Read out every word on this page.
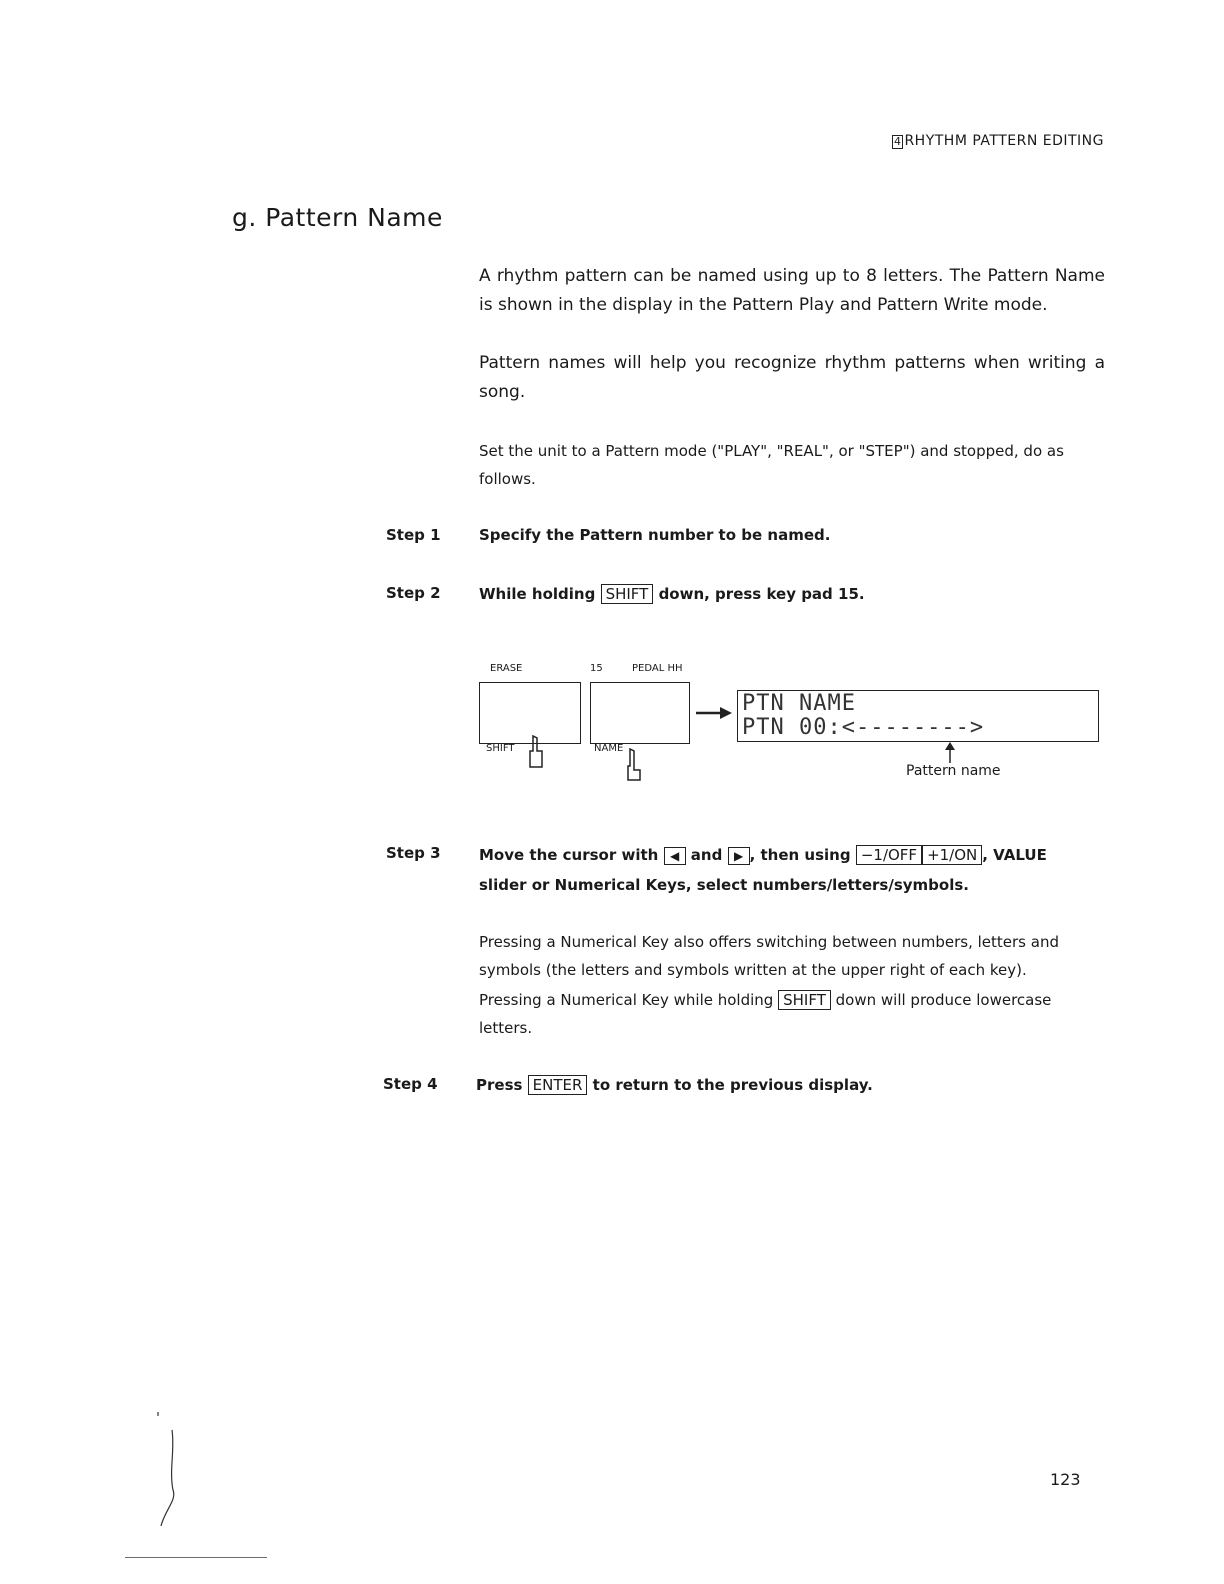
4 RHYTHM PATTERN EDITING
g. Pattern Name
A rhythm pattern can be named using up to 8 letters. The Pattern Name is shown in the display in the Pattern Play and Pattern Write mode.
Pattern names will help you recognize rhythm patterns when writing a song.
Set the unit to a Pattern mode ("PLAY", "REAL", or "STEP") and stopped, do as follows.
Step 1	Specify the Pattern number to be named.
Step 2	While holding SHIFT down, press key pad 15.
ERASE
SHIFT
15	PEDAL HH
NAME
PTN NAME
PTN 00:<-------->
Pattern name
Step 3	Move the cursor with ◀ and ▶ , then using −1∕OFF +1∕ON , VALUE
slider or Numerical Keys, select numbers∕letters∕symbols.
Pressing a Numerical Key also offers switching between numbers, letters and symbols (the letters and symbols written at the upper right of each key).
Pressing a Numerical Key while holding SHIFT down will produce lowercase letters.
Step 4	Press ENTER to return to the previous display.
123
